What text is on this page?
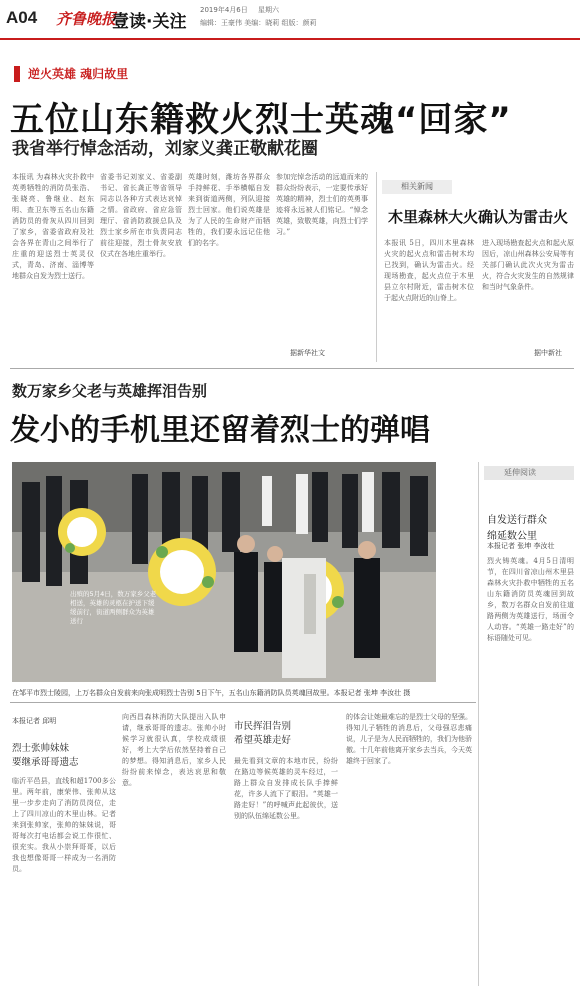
A04 齐鲁晚报
壹读·关注
2019年4月6日 星期六
编辑：王豪伟 美编：晓莉 组版：颜莉
逆火英雄 魂归故里
五位山东籍救火烈士英魂“回家”
我省举行悼念活动，刘家义龚正敬献花圈
本报讯 为森林火灾扑救中英勇牺牲的消防员张浩、张晓亮、鲁继业、赵东明、查卫东等五名山东籍消防员的骨灰从四川回到了家乡，省委省政府及社会各界在青山之间举行了庄重的迎送烈士英灵仪式，青岛、济南、淄博等地群众自发为烈士送行。
省委书记刘家义、省委副书记、省长龚正等省领导同志以各种方式表达哀悼之情。省政府、省应急管理厅、省消防救援总队及烈士家乡所在市负责同志前往迎接，烈士骨灰安放仪式在各地庄重举行。
英雄时刻，潍坊各界群众手持鲜花、手举横幅自发来到街道两侧，列队迎接烈士回家。他们说英雄是为了人民的生命财产而牺牲的，我们要永远记住他们的名字。
参加完悼念活动的远道而来的群众纷纷表示，一定要传承好英雄的精神，烈士们的英勇事迹将永远被人们铭记。“悼念英雄，致敬英雄，向烈士们学习。”
据新华社文
相关新闻
木里森林大火确认为雷击火
本报讯 5日，四川木里森林火灾的起火点和雷击树木均已找到，确认为雷击火。经现场勘查，起火点位于木里县立尔村附近，雷击树木位于起火点附近的山脊上。
进入现场勘查起火点和起火原因后，凉山州森林公安局等有关部门确认此次火灾为雷击火，符合火灾发生的自然规律和当时气象条件。
据中新社
数万家乡父老与英雄挥泪告别
发小的手机里还留着烈士的弹唱
出殡的5月4日，数万家乡父老相送，英雄的灵柩在护送下缓缓前行，街道两侧群众为英雄送行
在邹平市烈士陵园，上万名群众自发前来向张成明烈士告别 5日下午，五名山东籍消防队员英魂回故里。本报记者 张坤 李汝壮 摄
延伸阅读
自发送行群众
绵延数公里
本报记者 张坤 李汝壮
烈火铸英魂。4月5日清明节，在四川省凉山州木里县森林火灾扑救中牺牲的五名山东籍消防员英魂回到故乡，数万名群众自发前往道路两侧为英雄送行，场面令人动容。“英雄一路走好”的标语随处可见。
本报记者 邱明
烈士张帅妹妹
要继承哥哥遗志
临沂平邑县，直线和超1700多公里。两年前，康荣伟、张帅从这里一步步走向了消防员岗位，走上了四川凉山的木里山林。记者来到张帅家，张帅的妹妹说，哥哥每次打电话都会说工作很忙、很充实。我从小崇拜哥哥，以后我也想像哥哥一样成为一名消防员。
向西昌森林消防大队提出入队申请，继承哥哥的遗志。张帅小时候学习就很认真，学校成绩很好，考上大学后依然坚持着自己的梦想。得知消息后，家乡人民纷纷前来悼念，表达哀思和敬意。
市民挥泪告别
希望英雄走好
最先看到文章的本地市民，纷纷在路边等候英雄的灵车经过，一路上群众自发排成长队手捧鲜花，许多人流下了眼泪。“英雄一路走好！”的呼喊声此起彼伏，送别的队伍绵延数公里。
的体会让她最难忘的是烈士父母的坚强。得知儿子牺牲的消息后，父母强忍悲痛说，儿子是为人民而牺牲的，我们为他骄傲。十几年前他离开家乡去当兵，今天英雄终于回家了。
